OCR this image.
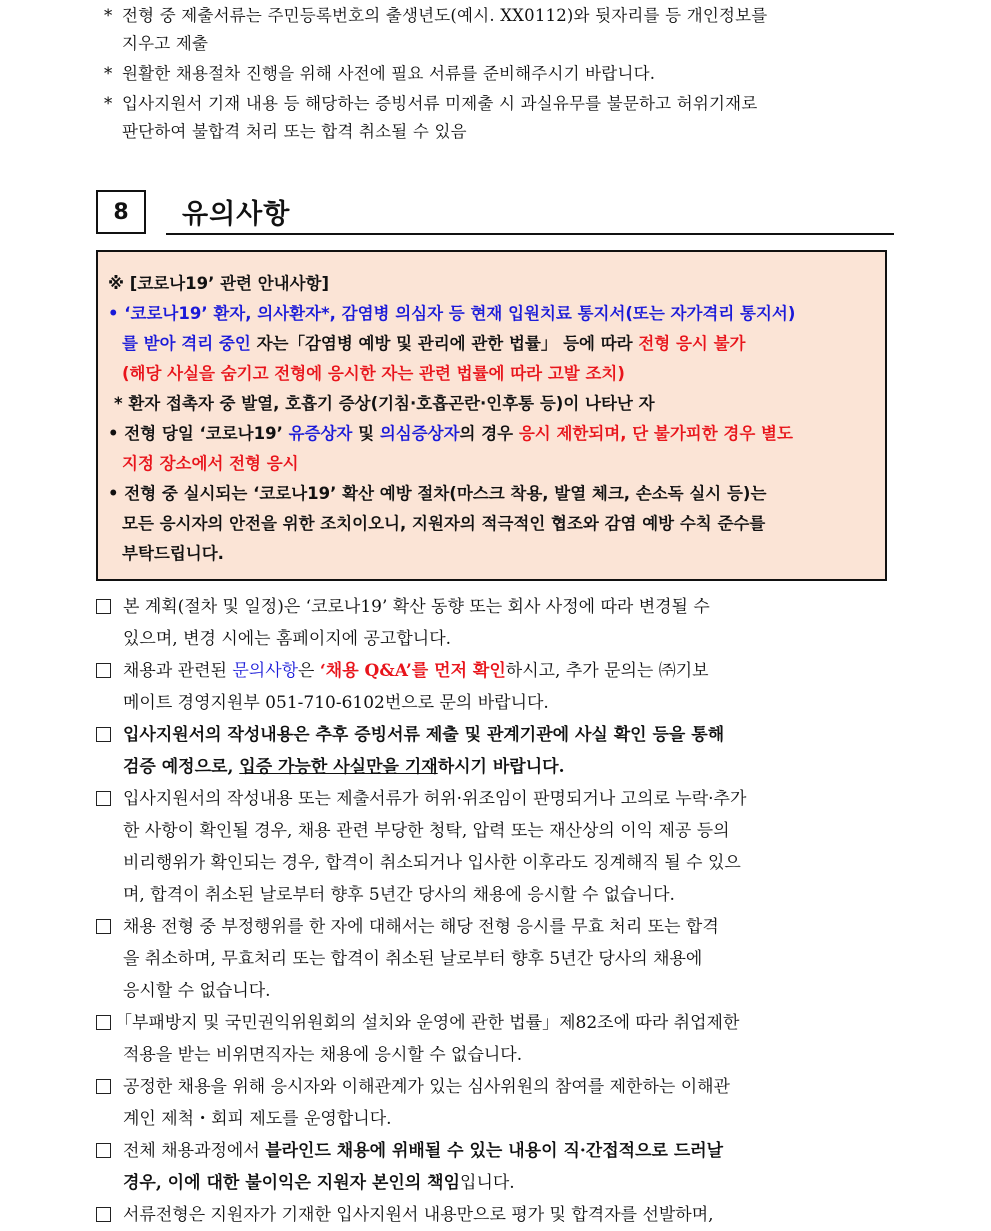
* 전형 중 제출서류는 주민등록번호의 출생년도(예시. XX0112)와 뒷자리를 등 개인정보를
지우고 제출
* 원활한 채용절차 진행을 위해 사전에 필요 서류를 준비해주시기 바랍니다.
* 입사지원서 기재 내용 등 해당하는 증빙서류 미제출 시 과실유무를 불문하고 허위기재로
판단하여 불합격 처리 또는 합격 취소될 수 있음
8	유의사항
※ [코로나19’ 관련 안내사항]
• ‘코로나19’ 환자, 의사환자*, 감염병 의심자 등 현재 입원치료 통지서(또는 자가격리 통지서)
를 받아 격리 중인 자는「감염병 예방 및 관리에 관한 법률」 등에 따라 전형 응시 불가
(해당 사실을 숨기고 전형에 응시한 자는 관련 법률에 따라 고발 조치)
* 환자 접촉자 중 발열, 호흡기 증상(기침·호흡곤란·인후통 등)이 나타난 자
• 전형 당일 ‘코로나19’ 유증상자 및 의심증상자의 경우 응시 제한되며, 단 불가피한 경우 별도
지정 장소에서 전형 응시
• 전형 중 실시되는 ‘코로나19’ 확산 예방 절차(마스크 착용, 발열 체크, 손소독 실시 등)는
모든 응시자의 안전을 위한 조치이오니, 지원자의 적극적인 협조와 감염 예방 수칙 준수를
부탁드립니다.
본 계획(절차 및 일정)은 ‘코로나19’ 확산 동향 또는 회사 사정에 따라 변경될 수
있으며, 변경 시에는 홈페이지에 공고합니다.
채용과 관련된 문의사항은 ‘채용 Q&A’를 먼저 확인하시고, 추가 문의는 ㈜기보
메이트 경영지원부 051-710-6102번으로 문의 바랍니다.
입사지원서의 작성내용은 추후 증빙서류 제출 및 관계기관에 사실 확인 등을 통해
검증 예정으로, 입증 가능한 사실만을 기재하시기 바랍니다.
입사지원서의 작성내용 또는 제출서류가 허위·위조임이 판명되거나 고의로 누락·추가
한 사항이 확인될 경우, 채용 관련 부당한 청탁, 압력 또는 재산상의 이익 제공 등의
비리행위가 확인되는 경우, 합격이 취소되거나 입사한 이후라도 징계해직 될 수 있으
며, 합격이 취소된 날로부터 향후 5년간 당사의 채용에 응시할 수 없습니다.
채용 전형 중 부정행위를 한 자에 대해서는 해당 전형 응시를 무효 처리 또는 합격
을 취소하며, 무효처리 또는 합격이 취소된 날로부터 향후 5년간 당사의 채용에
응시할 수 없습니다.
「부패방지 및 국민권익위원회의 설치와 운영에 관한 법률」제82조에 따라 취업제한
적용을 받는 비위면직자는 채용에 응시할 수 없습니다.
공정한 채용을 위해 응시자와 이해관계가 있는 심사위원의 참여를 제한하는 이해관
계인 제척・회피 제도를 운영합니다.
전체 채용과정에서 블라인드 채용에 위배될 수 있는 내용이 직·간접적으로 드러날
경우, 이에 대한 불이익은 지원자 본인의 책임입니다.
서류전형은 지원자가 기재한 입사지원서 내용만으로 평가 및 합격자를 선발하며,
